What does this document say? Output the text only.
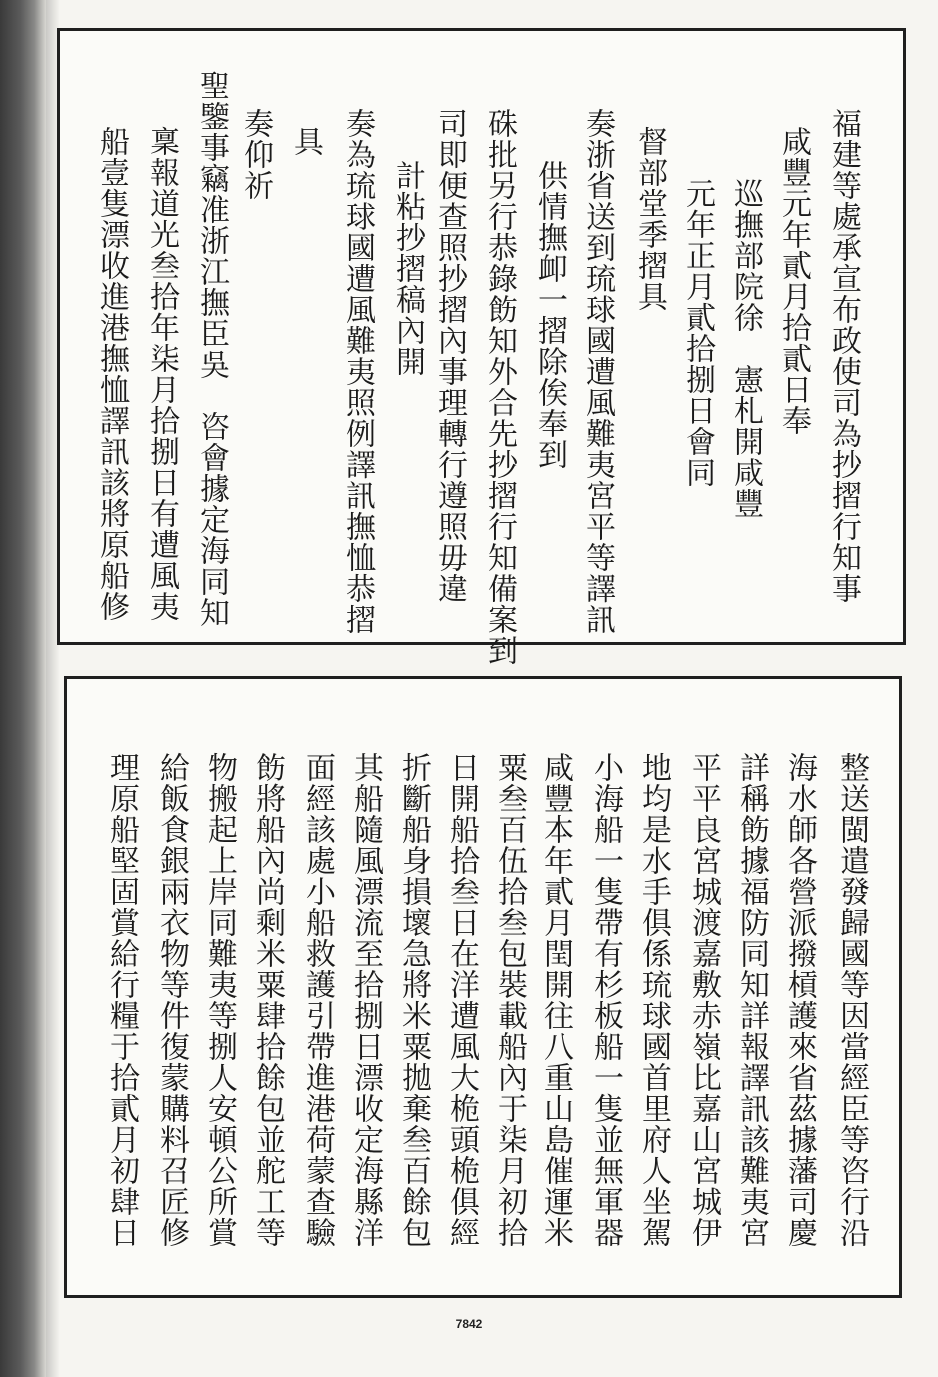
福建等處承宣布政使司為抄摺行知事
咸豐元年貳月拾貳日奉
巡撫部院徐　憲札開咸豐
元年正月貳拾捌日會同
督部堂季摺具
奏浙省送到琉球國遭風難夷宮平等譯訊
供情撫卹一摺除俟奉到
硃批另行恭錄飭知外合先抄摺行知備案到
司即便查照抄摺內事理轉行遵照毋違
計粘抄摺稿內開
奏為琉球國遭風難夷照例譯訊撫恤恭摺
具
奏仰祈
聖鑒事竊准浙江撫臣吳　咨會據定海同知
稟報道光叁拾年柒月拾捌日有遭風夷
船壹隻漂收進港撫恤譯訊該將原船修
整送閩遣發歸國等因當經臣等咨行沿
海水師各營派撥槓護來省茲據藩司慶
詳稱飭據福防同知詳報譯訊該難夷宮
平平良宮城渡嘉敷赤嶺比嘉山宮城伊
地均是水手俱係琉球國首里府人坐駕
小海船一隻帶有杉板船一隻並無軍器
咸豐本年貳月閏開往八重山島催運米
粟叁百伍拾叁包裝載船內于柒月初拾
日開船拾叁日在洋遭風大桅頭桅俱經
折斷船身損壞急將米粟拋棄叁百餘包
其船隨風漂流至拾捌日漂收定海縣洋
面經該處小船救護引帶進港荷蒙查驗
飭將船內尚剩米粟肆拾餘包並舵工等
物搬起上岸同難夷等捌人安頓公所賞
給飯食銀兩衣物等件復蒙購料召匠修
理原船堅固賞給行糧于拾貳月初肆日
7842
